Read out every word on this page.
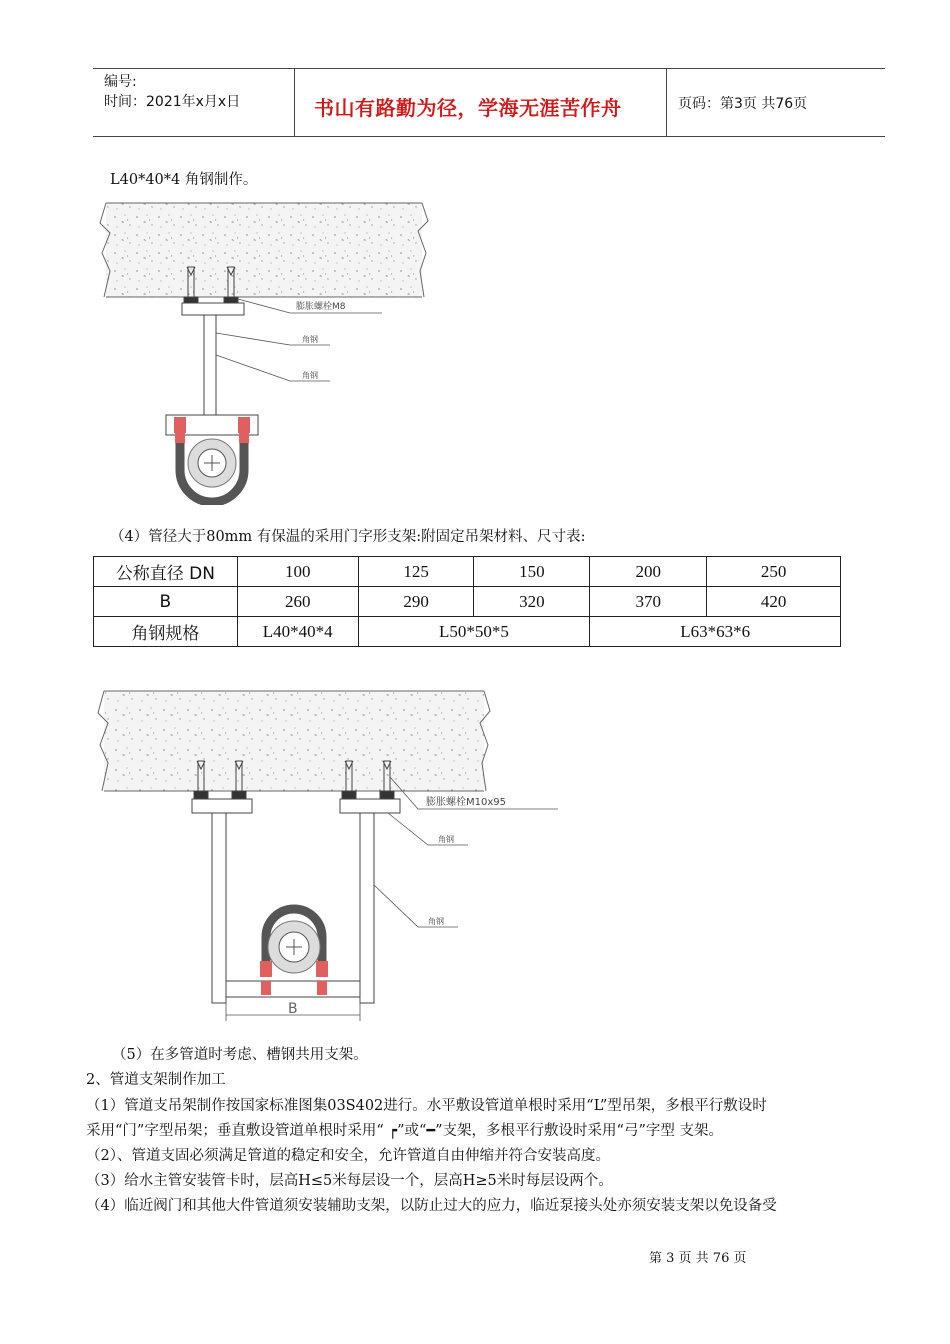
编号:
时间：2021年x月x日	书山有路勤为径，学海无涯苦作舟	页码：第3页 共76页
L40*40*4 角钢制作。
膨胀螺栓M8
角钢
角钢
（4）管径大于80mm 有保温的采用门字形支架:附固定吊架材料、尺寸表:
公称直径 DN	100	125	150	200	250
B	260	290	320	370	420
角钢规格	L40*40*4	L50*50*5		L63*63*6	
B
膨胀螺栓M10x95
角钢
角钢
（5）在多管道时考虑、槽钢共用支架。
2、管道支架制作加工
（1）管道支吊架制作按国家标准图集03S402进行。水平敷设管道单根时采用“L”型吊架，多根平行敷设时
采用“门”字型吊架；垂直敷设管道单根时采用“ ┍”或“━”支架，多根平行敷设时采用“弓”字型 支架。
（2）、管道支固必须满足管道的稳定和安全，允许管道自由伸缩并符合安装高度。
（3）给水主管安装管卡时，层高H≤5米每层设一个，层高H≥5米时每层设两个。
（4）临近阀门和其他大件管道须安装辅助支架，以防止过大的应力，临近泵接头处亦须安装支架以免设备受
第 3 页 共 76 页
